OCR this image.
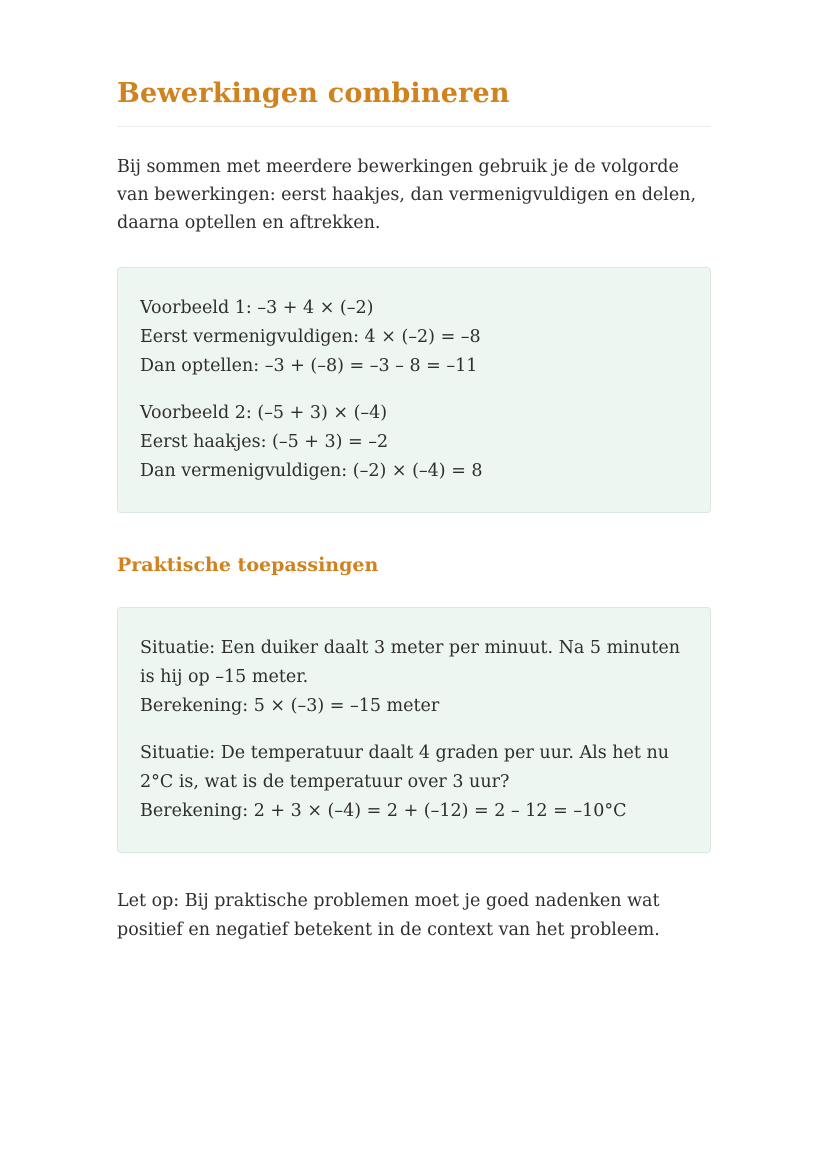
Bewerkingen combineren

Bij sommen met meerdere bewerkingen gebruik je de volgorde van bewerkingen: eerst haakjes, dan vermenigvuldigen en delen, daarna optellen en aftrekken.

Voorbeeld 1: –3 + 4 × (–2)
Eerst vermenigvuldigen: 4 × (–2) = –8
Dan optellen: –3 + (–8) = –3 – 8 = –11
Voorbeeld 2: (–5 + 3) × (–4)
Eerst haakjes: (–5 + 3) = –2
Dan vermenigvuldigen: (–2) × (–4) = 8
Praktische toepassingen
Situatie: Een duiker daalt 3 meter per minuut. Na 5 minuten is hij op –15 meter.
Berekening: 5 × (–3) = –15 meter
Situatie: De temperatuur daalt 4 graden per uur. Als het nu 2°C is, wat is de temperatuur over 3 uur?
Berekening: 2 + 3 × (–4) = 2 + (–12) = 2 – 12 = –10°C

Let op: Bij praktische problemen moet je goed nadenken wat positief en negatief betekent in de context van het probleem.
